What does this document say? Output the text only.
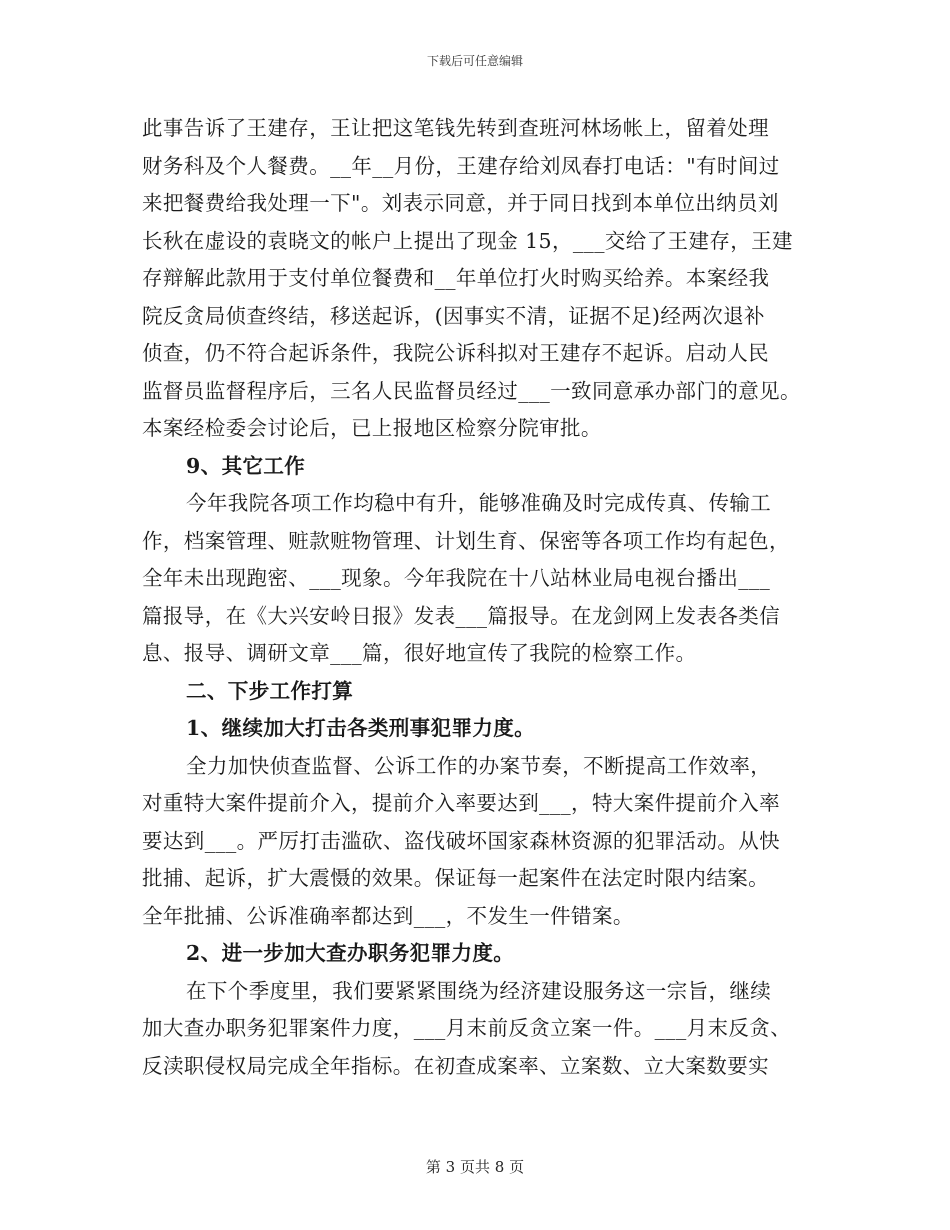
下载后可任意编辑
此事告诉了王建存，王让把这笔钱先转到查班河林场帐上，留着处理
财务科及个人餐费。__年__月份，王建存给刘凤春打电话："有时间过
来把餐费给我处理一下"。刘表示同意，并于同日找到本单位出纳员刘
长秋在虚设的袁晓文的帐户上提出了现金 15，___交给了王建存，王建
存辩解此款用于支付单位餐费和__年单位打火时购买给养。本案经我
院反贪局侦查终结，移送起诉，(因事实不清，证据不足)经两次退补
侦查，仍不符合起诉条件，我院公诉科拟对王建存不起诉。启动人民
监督员监督程序后，三名人民监督员经过___一致同意承办部门的意见。
本案经检委会讨论后，已上报地区检察分院审批。
9、其它工作
今年我院各项工作均稳中有升，能够准确及时完成传真、传输工
作，档案管理、赃款赃物管理、计划生育、保密等各项工作均有起色，
全年未出现跑密、___现象。今年我院在十八站林业局电视台播出___
篇报导，在《大兴安岭日报》发表___篇报导。在龙剑网上发表各类信
息、报导、调研文章___篇，很好地宣传了我院的检察工作。
二、下步工作打算
1、继续加大打击各类刑事犯罪力度。
全力加快侦查监督、公诉工作的办案节奏，不断提高工作效率，
对重特大案件提前介入，提前介入率要达到___，特大案件提前介入率
要达到___。严厉打击滥砍、盗伐破坏国家森林资源的犯罪活动。从快
批捕、起诉，扩大震慑的效果。保证每一起案件在法定时限内结案。
全年批捕、公诉准确率都达到___，不发生一件错案。
2、进一步加大查办职务犯罪力度。
在下个季度里，我们要紧紧围绕为经济建设服务这一宗旨，继续
加大查办职务犯罪案件力度，___月末前反贪立案一件。___月末反贪、
反渎职侵权局完成全年指标。在初查成案率、立案数、立大案数要实
第 3 页共 8 页
